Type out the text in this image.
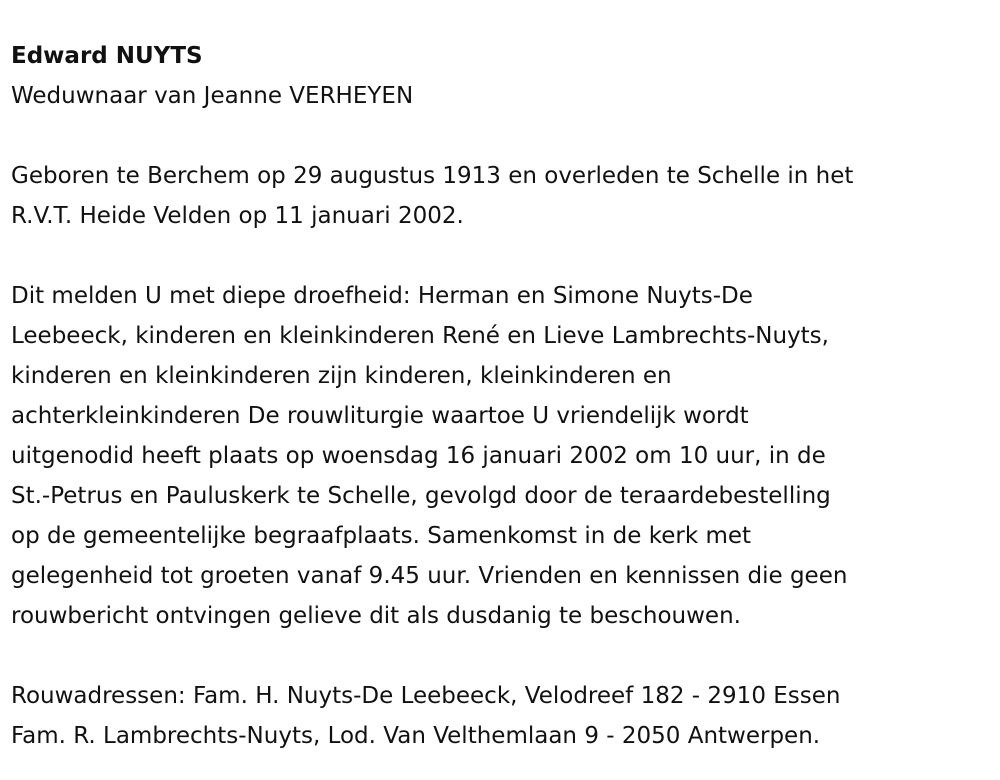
Edward NUYTS
Weduwnaar van Jeanne VERHEYEN
Geboren te Berchem op 29 augustus 1913 en overleden te Schelle in het
R.V.T. Heide Velden op 11 januari 2002.
Dit melden U met diepe droefheid: Herman en Simone Nuyts-De
Leebeeck, kinderen en kleinkinderen René en Lieve Lambrechts-Nuyts,
kinderen en kleinkinderen zijn kinderen, kleinkinderen en
achterkleinkinderen De rouwliturgie waartoe U vriendelijk wordt
uitgenodid heeft plaats op woensdag 16 januari 2002 om 10 uur, in de
St.-Petrus en Pauluskerk te Schelle, gevolgd door de teraardebestelling
op de gemeentelijke begraafplaats. Samenkomst in de kerk met
gelegenheid tot groeten vanaf 9.45 uur. Vrienden en kennissen die geen
rouwbericht ontvingen gelieve dit als dusdanig te beschouwen.
Rouwadressen: Fam. H. Nuyts-De Leebeeck, Velodreef 182 - 2910 Essen
Fam. R. Lambrechts-Nuyts, Lod. Van Velthemlaan 9 - 2050 Antwerpen.
